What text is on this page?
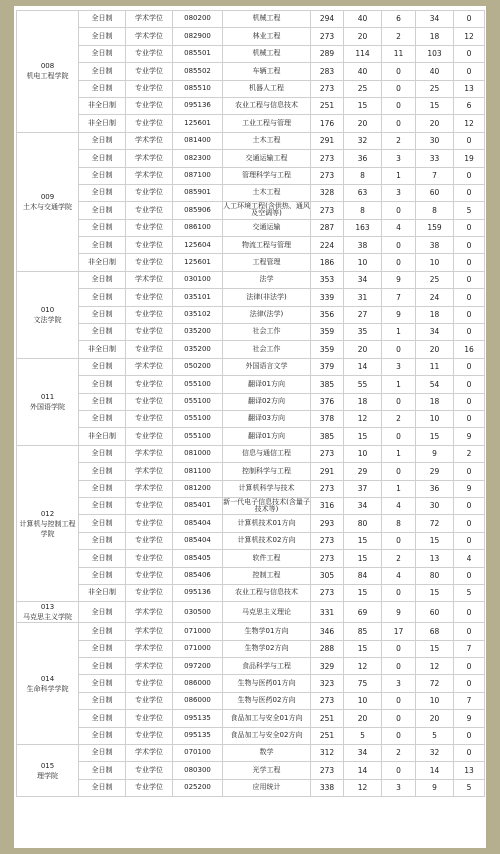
008
机电工程学院	全日制	学术学位	080200	机械工程	294	40	6	34	0
	全日制	学术学位	082900	林业工程	273	20	2	18	12
	全日制	专业学位	085501	机械工程	289	114	11	103	0
	全日制	专业学位	085502	车辆工程	283	40	0	40	0
	全日制	专业学位	085510	机器人工程	273	25	0	25	13
	非全日制	专业学位	095136	农业工程与信息技术	251	15	0	15	6
	非全日制	专业学位	125601	工业工程与管理	176	20	0	20	12

009
土木与交通学院	全日制	学术学位	081400	土木工程	291	32	2	30	0
	全日制	学术学位	082300	交通运输工程	273	36	3	33	19
	全日制	学术学位	087100	管理科学与工程	273	8	1	7	0
	全日制	专业学位	085901	土木工程	328	63	3	60	0
	全日制	专业学位	085906	人工环境工程(含供热、通风及空调等)	273	8	0	8	5
	全日制	专业学位	086100	交通运输	287	163	4	159	0
	全日制	专业学位	125604	物流工程与管理	224	38	0	38	0
	非全日制	专业学位	125601	工程管理	186	10	0	10	0

010
文法学院	全日制	学术学位	030100	法学	353	34	9	25	0
	全日制	专业学位	035101	法律(非法学)	339	31	7	24	0
	全日制	专业学位	035102	法律(法学)	356	27	9	18	0
	全日制	专业学位	035200	社会工作	359	35	1	34	0
	非全日制	专业学位	035200	社会工作	359	20	0	20	16

011
外国语学院	全日制	学术学位	050200	外国语言文学	379	14	3	11	0
	全日制	专业学位	055100	翻译01方向	385	55	1	54	0
	全日制	专业学位	055100	翻译02方向	376	18	0	18	0
	全日制	专业学位	055100	翻译03方向	378	12	2	10	0
	非全日制	专业学位	055100	翻译01方向	385	15	0	15	9

012
计算机与控制工程学院	全日制	学术学位	081000	信息与通信工程	273	10	1	9	2
	全日制	学术学位	081100	控制科学与工程	291	29	0	29	0
	全日制	学术学位	081200	计算机科学与技术	273	37	1	36	9
	全日制	专业学位	085401	新一代电子信息技术(含量子技术等)	316	34	4	30	0
	全日制	专业学位	085404	计算机技术01方向	293	80	8	72	0
	全日制	专业学位	085404	计算机技术02方向	273	15	0	15	0
	全日制	专业学位	085405	软件工程	273	15	2	13	4
	全日制	专业学位	085406	控制工程	305	84	4	80	0
	非全日制	专业学位	095136	农业工程与信息技术	273	15	0	15	5

013
马克思主义学院	全日制	学术学位	030500	马克思主义理论	331	69	9	60	0

014
生命科学学院	全日制	学术学位	071000	生物学01方向	346	85	17	68	0
	全日制	学术学位	071000	生物学02方向	288	15	0	15	7
	全日制	学术学位	097200	食品科学与工程	329	12	0	12	0
	全日制	专业学位	086000	生物与医药01方向	323	75	3	72	0
	全日制	专业学位	086000	生物与医药02方向	273	10	0	10	7
	全日制	专业学位	095135	食品加工与安全01方向	251	20	0	20	9
	全日制	专业学位	095135	食品加工与安全02方向	251	5	0	5	0

015
理学院	全日制	学术学位	070100	数学	312	34	2	32	0
	全日制	专业学位	080300	光学工程	273	14	0	14	13
	全日制	专业学位	025200	应用统计	338	12	3	9	5
